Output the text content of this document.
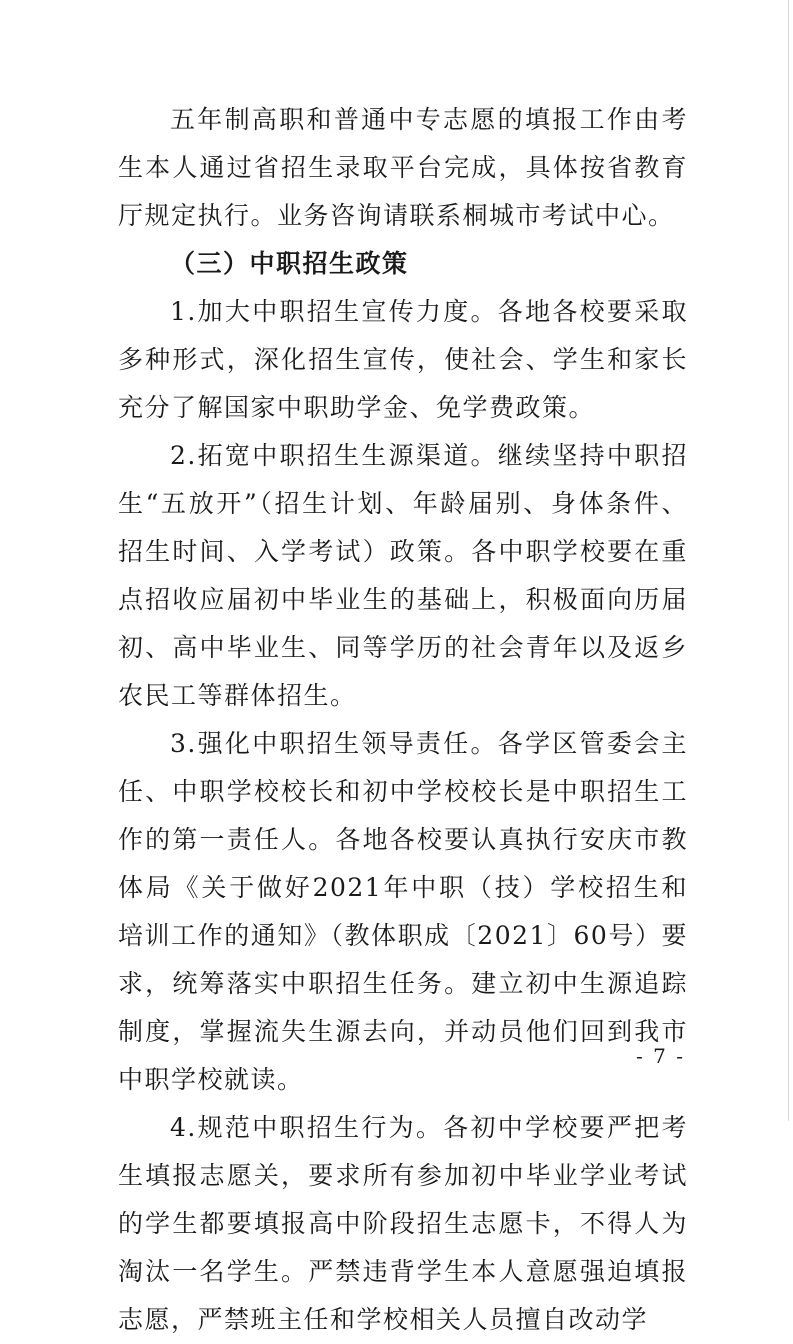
五年制高职和普通中专志愿的填报工作由考生本人通过省招生录取平台完成，具体按省教育厅规定执行。业务咨询请联系桐城市考试中心。

（三）中职招生政策

1.加大中职招生宣传力度。各地各校要采取多种形式，深化招生宣传，使社会、学生和家长充分了解国家中职助学金、免学费政策。

2.拓宽中职招生生源渠道。继续坚持中职招生“五放开”（招生计划、年龄届别、身体条件、招生时间、入学考试）政策。各中职学校要在重点招收应届初中毕业生的基础上，积极面向历届初、高中毕业生、同等学历的社会青年以及返乡农民工等群体招生。

3.强化中职招生领导责任。各学区管委会主任、中职学校校长和初中学校校长是中职招生工作的第一责任人。各地各校要认真执行安庆市教体局《关于做好2021年中职（技）学校招生和培训工作的通知》（教体职成〔2021〕60号）要求，统筹落实中职招生任务。建立初中生源追踪制度，掌握流失生源去向，并动员他们回到我市中职学校就读。

4.规范中职招生行为。各初中学校要严把考生填报志愿关，要求所有参加初中毕业学业考试的学生都要填报高中阶段招生志愿卡，不得人为淘汰一名学生。严禁违背学生本人意愿强迫填报志愿，严禁班主任和学校相关人员擅自改动学

- 7 -
